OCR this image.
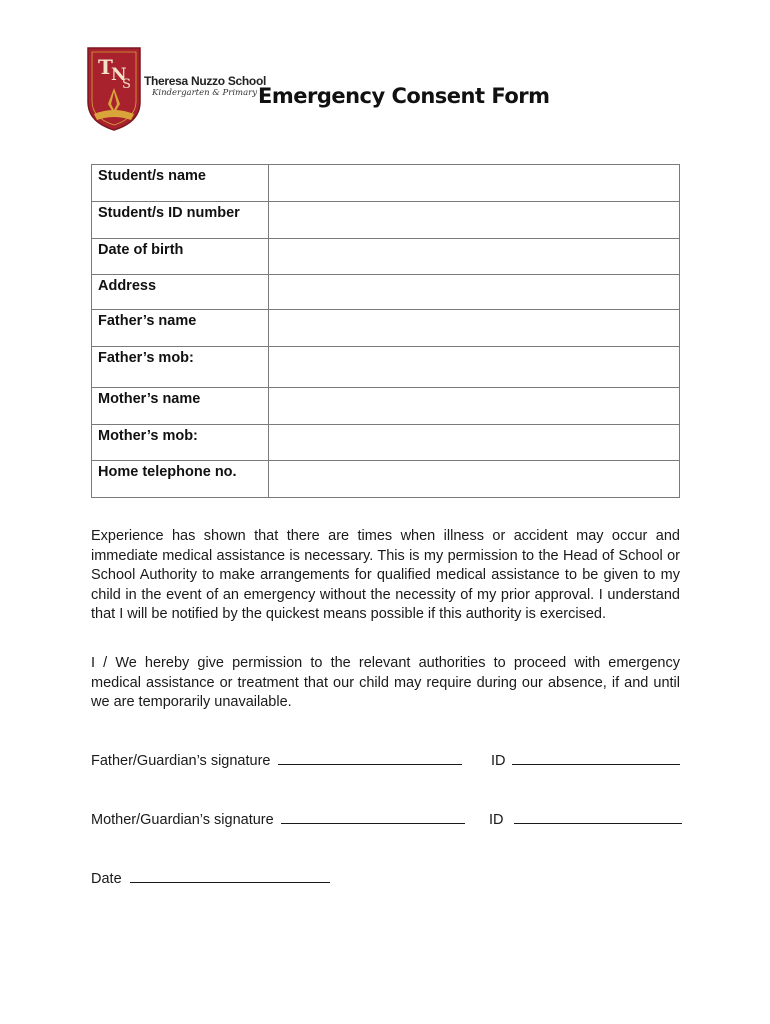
T
N
S Theresa Nuzzo School
Kindergarten & Primary Emergency Consent Form
Student/s name	
Student/s ID number	
Date of birth	
Address	
Father’s name	
Father’s mob:	
Mother’s name	
Mother’s mob:	
Home telephone no.	
Experience has shown that there are times when illness or accident may occur and immediate medical assistance is necessary. This is my permission to the Head of School or School Authority to make arrangements for qualified medical assistance to be given to my child in the event of an emergency without the necessity of my prior approval. I understand that I will be notified by the quickest means possible if this authority is exercised.
I / We hereby give permission to the relevant authorities to proceed with emergency medical assistance or treatment that our child may require during our absence, if and until we are temporarily unavailable.
Father/Guardian’s signature	ID
Mother/Guardian’s signature	ID
Date
